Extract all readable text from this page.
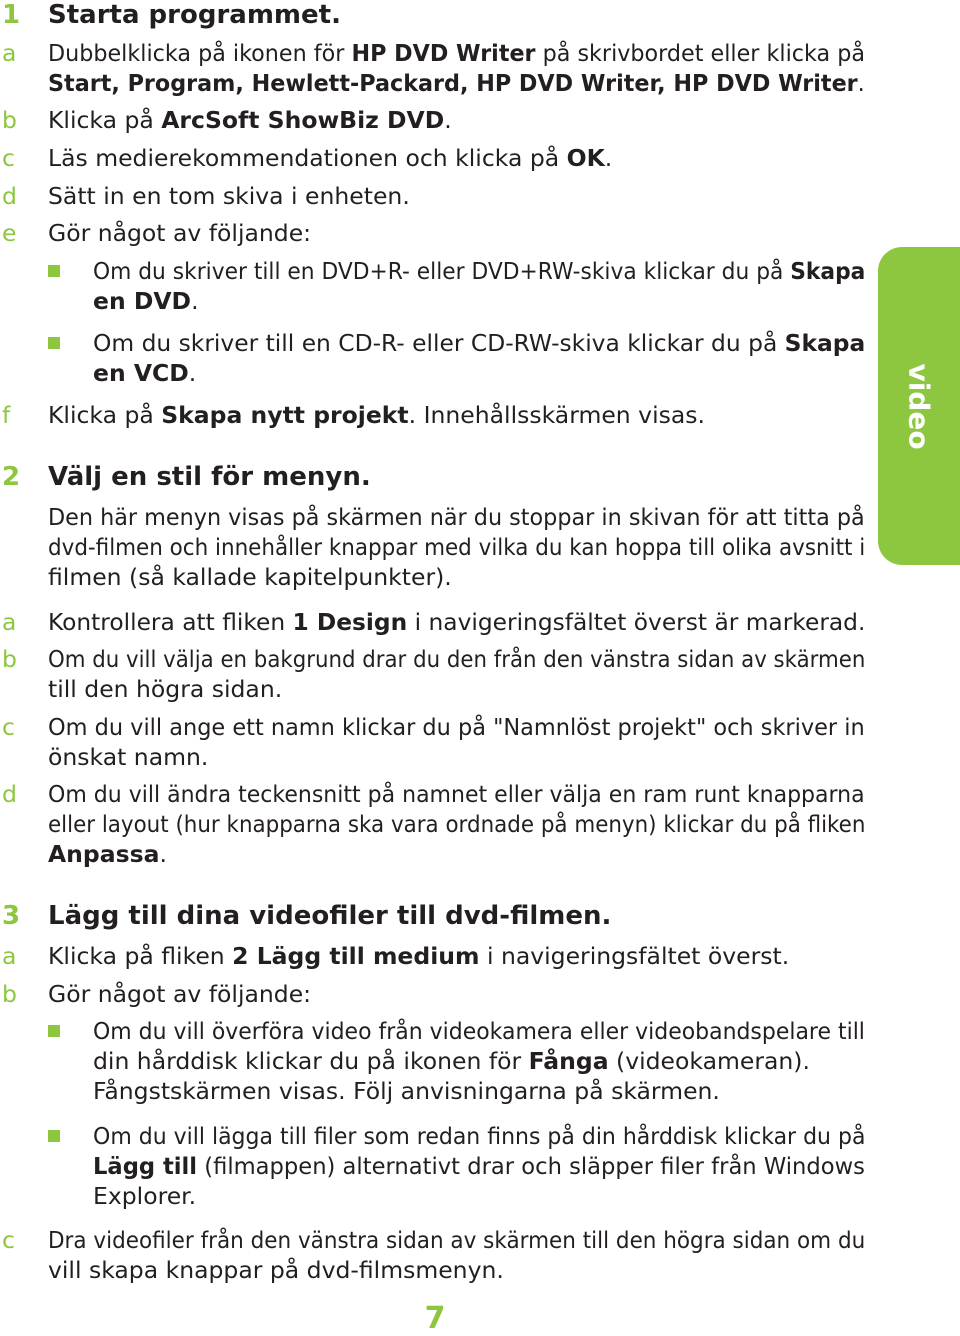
video
1 Starta programmet.
a Dubbelklicka på ikonen för HP DVD Writer på skrivbordet eller klicka på
Start, Program, Hewlett-Packard, HP DVD Writer, HP DVD Writer.
b Klicka på ArcSoft ShowBiz DVD.
c Läs medierekommendationen och klicka på OK.
d Sätt in en tom skiva i enheten.
e Gör något av följande:
Om du skriver till en DVD+R- eller DVD+RW-skiva klickar du på Skapa
en DVD.
Om du skriver till en CD-R- eller CD-RW-skiva klickar du på Skapa
en VCD.
f Klicka på Skapa nytt projekt. Innehållsskärmen visas.
2 Välj en stil för menyn.
Den här menyn visas på skärmen när du stoppar in skivan för att titta på
dvd-filmen och innehåller knappar med vilka du kan hoppa till olika avsnitt i
filmen (så kallade kapitelpunkter).
a Kontrollera att fliken 1 Design i navigeringsfältet överst är markerad.
b Om du vill välja en bakgrund drar du den från den vänstra sidan av skärmen
till den högra sidan.
c Om du vill ange ett namn klickar du på "Namnlöst projekt" och skriver in
önskat namn.
d Om du vill ändra teckensnitt på namnet eller välja en ram runt knapparna
eller layout (hur knapparna ska vara ordnade på menyn) klickar du på fliken
Anpassa.
3 Lägg till dina videofiler till dvd-filmen.
a Klicka på fliken 2 Lägg till medium i navigeringsfältet överst.
b Gör något av följande:
Om du vill överföra video från videokamera eller videobandspelare till
din hårddisk klickar du på ikonen för Fånga (videokameran).
Fångstskärmen visas. Följ anvisningarna på skärmen.
Om du vill lägga till filer som redan finns på din hårddisk klickar du på
Lägg till (filmappen) alternativt drar och släpper filer från Windows
Explorer.
c Dra videofiler från den vänstra sidan av skärmen till den högra sidan om du
vill skapa knappar på dvd-filmsmenyn.
7
